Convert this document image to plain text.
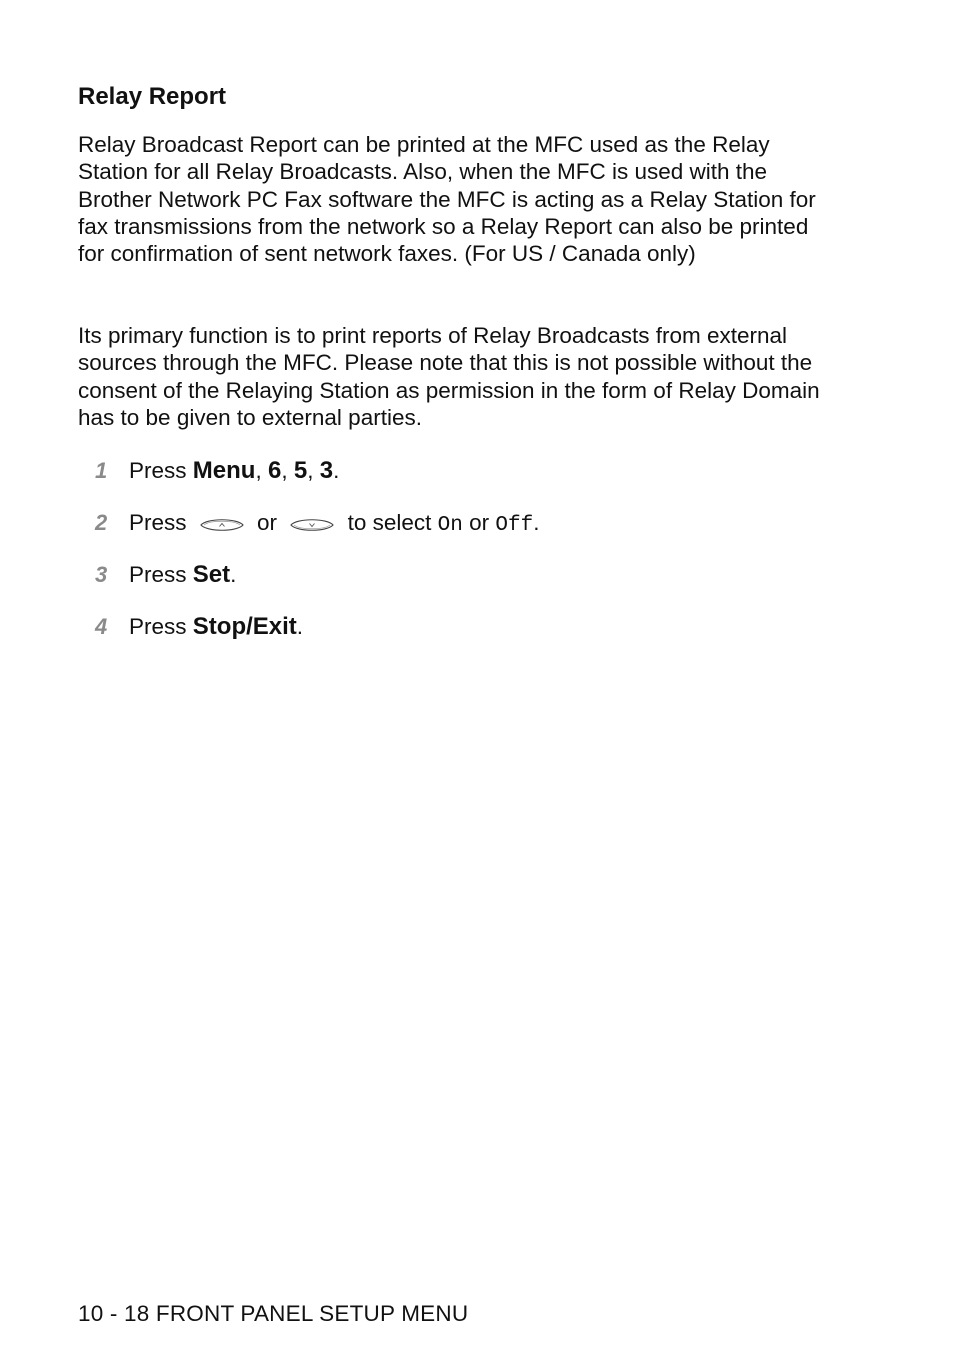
Relay Report

Relay Broadcast Report can be printed at the MFC used as the Relay Station for all Relay Broadcasts. Also, when the MFC is used with the Brother Network PC Fax software the MFC is acting as a Relay Station for fax transmissions from the network so a Relay Report can also be printed for confirmation of sent network faxes. (For US / Canada only)

Its primary function is to print reports of Relay Broadcasts from external sources through the MFC. Please note that this is not possible without the consent of the Relaying Station as permission in the form of Relay Domain has to be given to external parties.

1 Press Menu, 6, 5, 3.
2 Press	or	to select On or Off.
3 Press Set.
4 Press Stop/Exit.

10 - 18 FRONT PANEL SETUP MENU
